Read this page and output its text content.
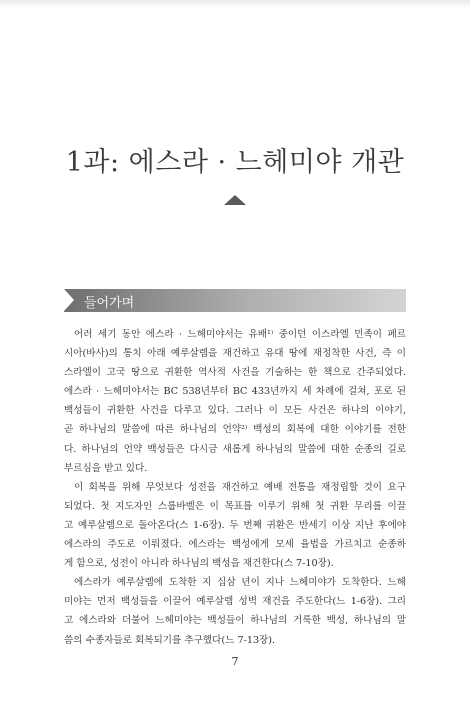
1과: 에스라 · 느헤미야 개관
들어가며
어러 세기 동안 에스라 · 느헤미야서는 유배¹⁾ 중이던 이스라엘 민족이 페르
시아(바사)의 통치 아래 예루살렘을 재건하고 유대 땅에 재정착한 사건, 즉 이
스라엘이 고국 땅으로 귀환한 역사적 사건을 기술하는 한 책으로 간주되었다.
에스라 · 느헤미야서는 BC 538년부터 BC 433년까지 세 차례에 걸쳐, 포로 된
백성들이 귀환한 사건을 다루고 있다. 그러나 이 모든 사건은 하나의 이야기,
곧 하나님의 말씀에 따른 하나님의 언약²⁾ 백성의 회복에 대한 이야기를 전한
다. 하나님의 언약 백성들은 다시금 새롭게 하나님의 말씀에 대한 순종의 길로
부르심을 받고 있다.
이 회복을 위해 무엇보다 성전을 재건하고 예배 전통을 재정립할 것이 요구
되었다. 첫 지도자인 스룹바벨은 이 목표를 이루기 위해 첫 귀환 무리를 이끌
고 예루살렘으로 돌아온다(스 1-6장). 두 번째 귀환은 반세기 이상 지난 후에야
에스라의 주도로 이뤄졌다. 에스라는 백성에게 모세 율법을 가르치고 순종하
게 함으로, 성전이 아니라 하나님의 백성을 재건한다(스 7-10장).
에스라가 예루살렘에 도착한 지 십삼 년이 지나 느헤미야가 도착한다. 느헤
미야는 먼저 백성들을 이끌어 예루살렘 성벽 재건을 주도한다(느 1-6장). 그리
고 에스라와 더불어 느헤미야는 백성들이 하나님의 거룩한 백성, 하나님의 말
씀의 수종자들로 회복되기를 추구했다(느 7-13장).
7
